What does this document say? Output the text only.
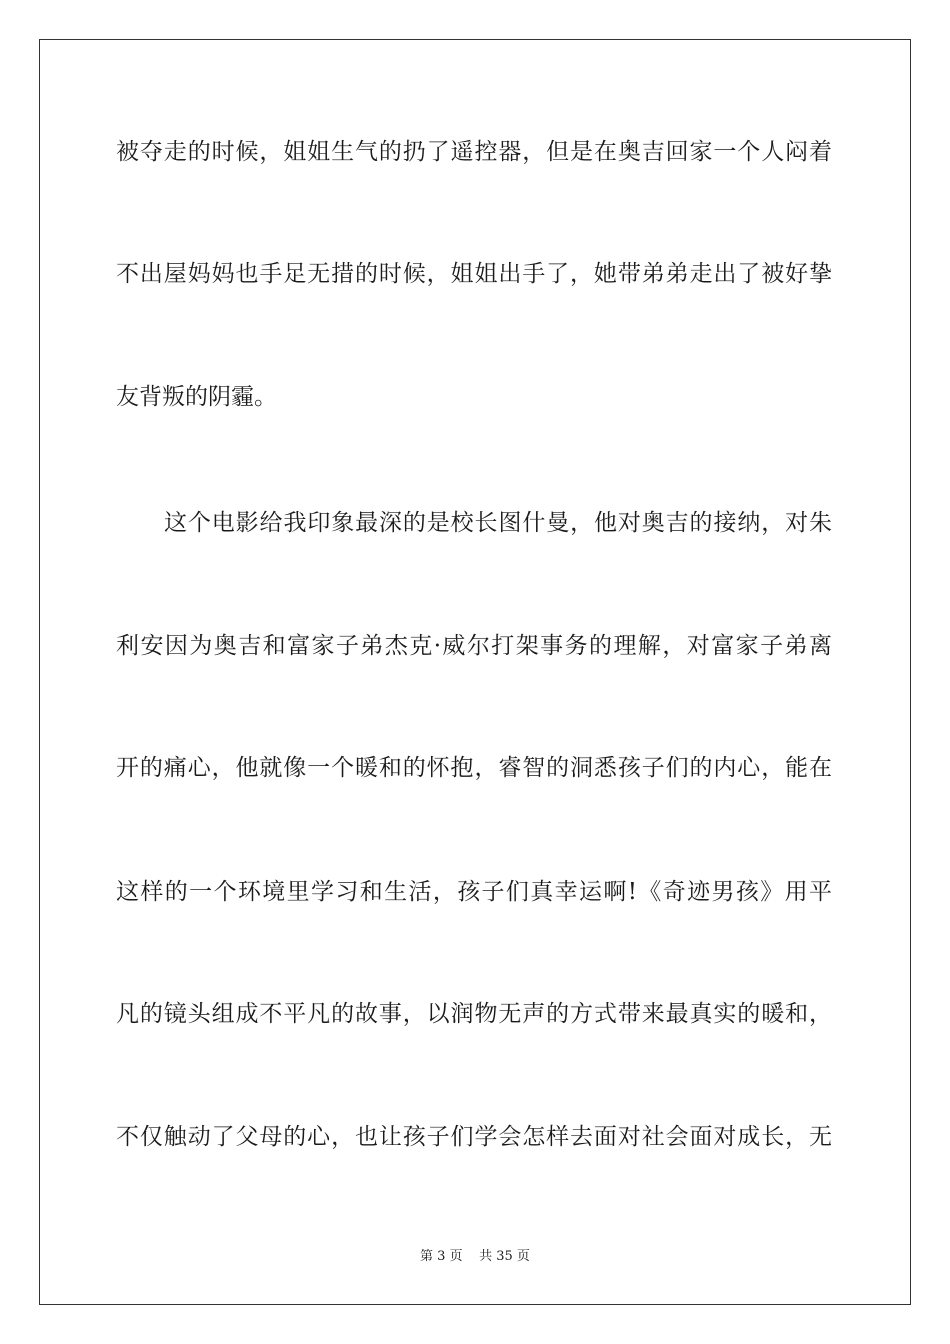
被夺走的时候，姐姐生气的扔了遥控器，但是在奥吉回家一个人闷着
不出屋妈妈也手足无措的时候，姐姐出手了，她带弟弟走出了被好挚
友背叛的阴霾。
这个电影给我印象最深的是校长图什曼，他对奥吉的接纳，对朱
利安因为奥吉和富家子弟杰克·威尔打架事务的理解，对富家子弟离
开的痛心，他就像一个暖和的怀抱，睿智的洞悉孩子们的内心，能在
这样的一个环境里学习和生活，孩子们真幸运啊!《奇迹男孩》用平
凡的镜头组成不平凡的故事，以润物无声的方式带来最真实的暖和，
不仅触动了父母的心，也让孩子们学会怎样去面对社会面对成长，无
第 3 页 共 35 页
